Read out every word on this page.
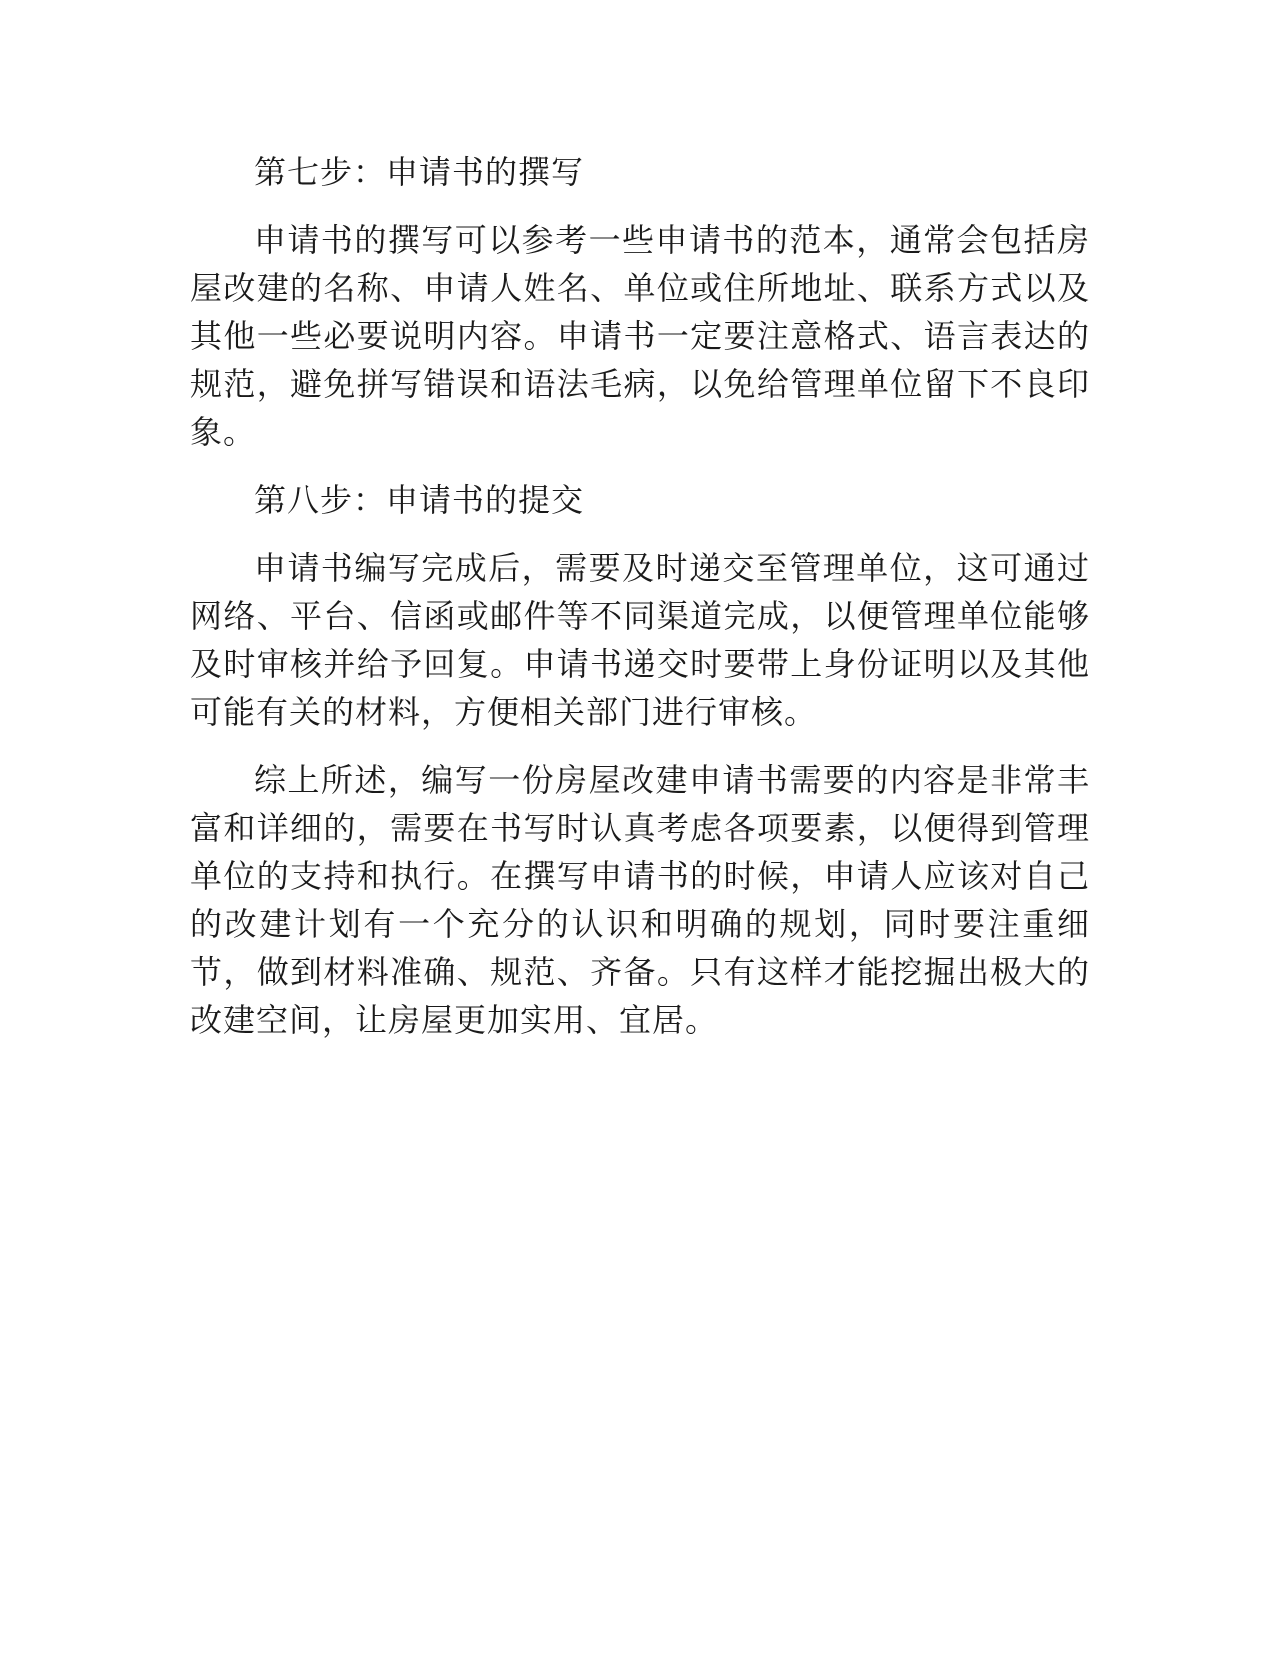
第七步：申请书的撰写

申请书的撰写可以参考一些申请书的范本，通常会包括房屋改建的名称、申请人姓名、单位或住所地址、联系方式以及其他一些必要说明内容。申请书一定要注意格式、语言表达的规范，避免拼写错误和语法毛病，以免给管理单位留下不良印象。

第八步：申请书的提交

申请书编写完成后，需要及时递交至管理单位，这可通过网络、平台、信函或邮件等不同渠道完成，以便管理单位能够及时审核并给予回复。申请书递交时要带上身份证明以及其他可能有关的材料，方便相关部门进行审核。

综上所述，编写一份房屋改建申请书需要的内容是非常丰富和详细的，需要在书写时认真考虑各项要素，以便得到管理单位的支持和执行。在撰写申请书的时候，申请人应该对自己的改建计划有一个充分的认识和明确的规划，同时要注重细节，做到材料准确、规范、齐备。只有这样才能挖掘出极大的改建空间，让房屋更加实用、宜居。
